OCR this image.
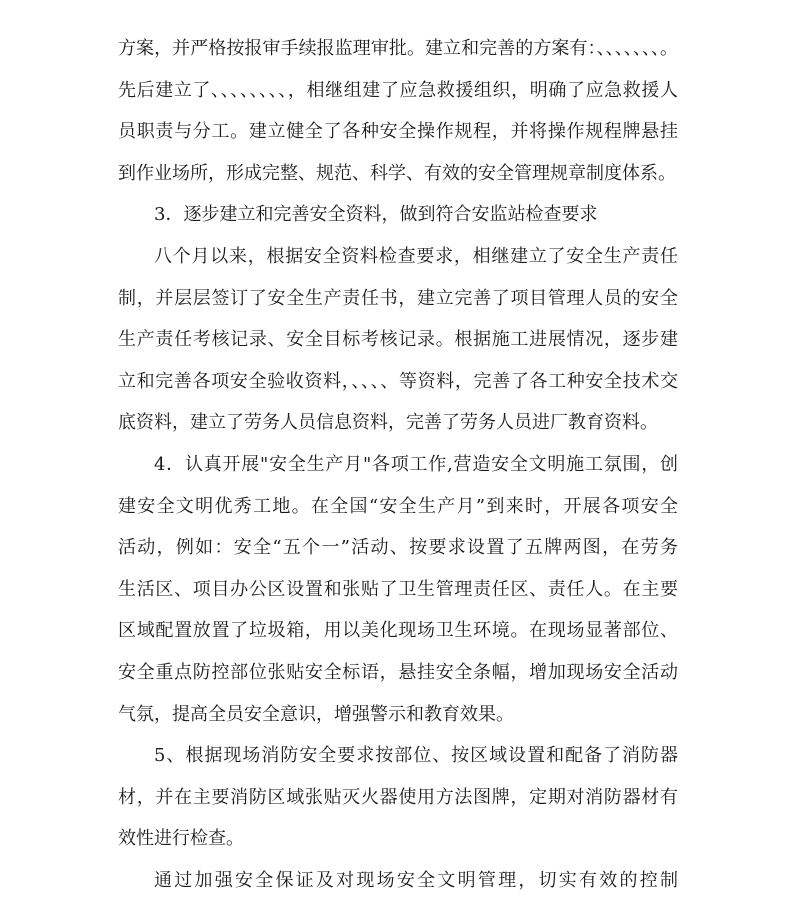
方案，并严格按报审手续报监理审批。建立和完善的方案有：、、、、、、、。
先后建立了、、、、、、、、，相继组建了应急救援组织，明确了应急救援人
员职责与分工。建立健全了各种安全操作规程，并将操作规程牌悬挂
到作业场所，形成完整、规范、科学、有效的安全管理规章制度体系。
3．逐步建立和完善安全资料，做到符合安监站检查要求
八个月以来，根据安全资料检查要求，相继建立了安全生产责任
制，并层层签订了安全生产责任书，建立完善了项目管理人员的安全
生产责任考核记录、安全目标考核记录。根据施工进展情况，逐步建
立和完善各项安全验收资料，、、、、等资料，完善了各工种安全技术交
底资料，建立了劳务人员信息资料，完善了劳务人员进厂教育资料。
4．认真开展"安全生产月"各项工作,营造安全文明施工氛围，创
建安全文明优秀工地。在全国“安全生产月”到来时，开展各项安全
活动，例如：安全“五个一”活动、按要求设置了五牌两图，在劳务
生活区、项目办公区设置和张贴了卫生管理责任区、责任人。在主要
区域配置放置了垃圾箱，用以美化现场卫生环境。在现场显著部位、
安全重点防控部位张贴安全标语，悬挂安全条幅，增加现场安全活动
气氛，提高全员安全意识，增强警示和教育效果。
5、根据现场消防安全要求按部位、按区域设置和配备了消防器
材，并在主要消防区域张贴灭火器使用方法图牌，定期对消防器材有
效性进行检查。
通过加强安全保证及对现场安全文明管理，切实有效的控制
